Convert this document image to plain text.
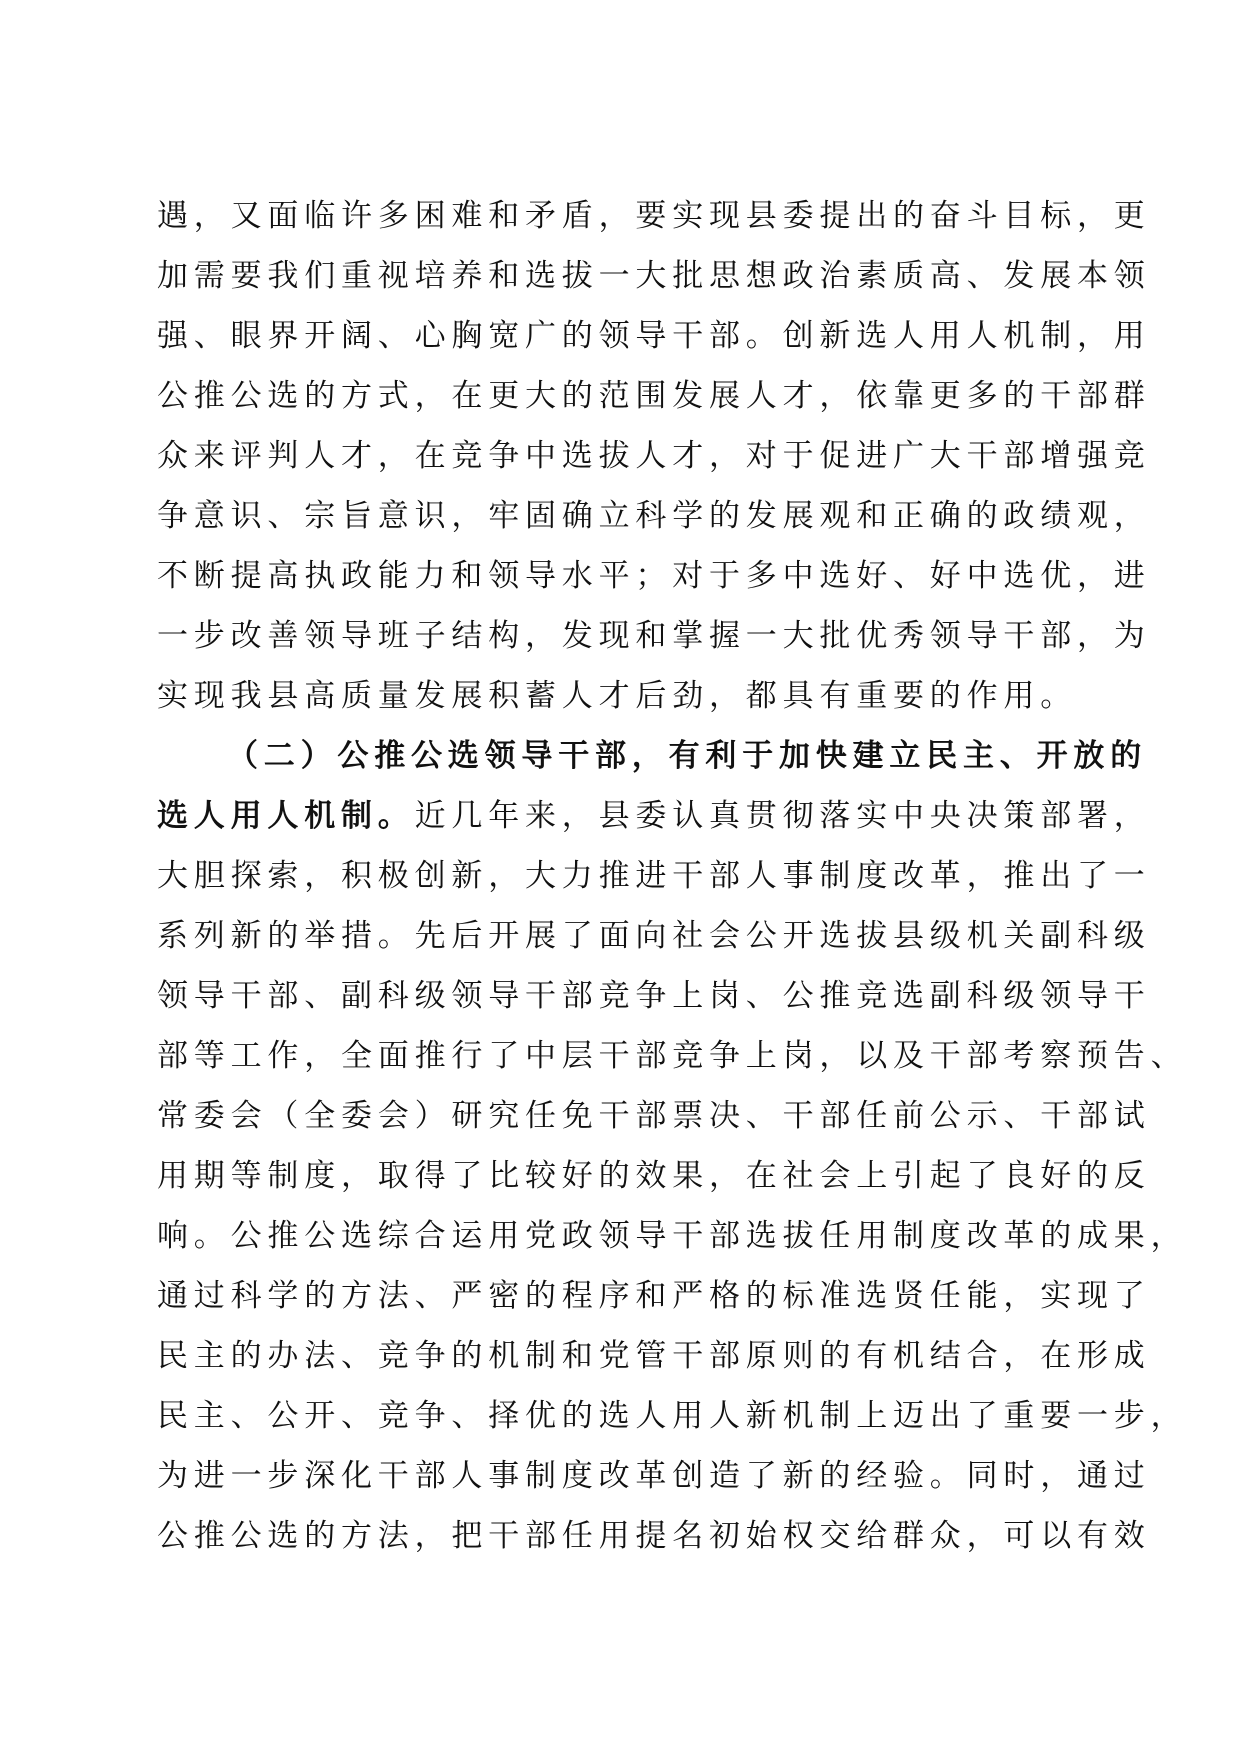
遇，又面临许多困难和矛盾，要实现县委提出的奋斗目标，更
加需要我们重视培养和选拔一大批思想政治素质高、发展本领
强、眼界开阔、心胸宽广的领导干部。创新选人用人机制，用
公推公选的方式，在更大的范围发展人才，依靠更多的干部群
众来评判人才，在竞争中选拔人才，对于促进广大干部增强竞
争意识、宗旨意识，牢固确立科学的发展观和正确的政绩观，
不断提高执政能力和领导水平；对于多中选好、好中选优，进
一步改善领导班子结构，发现和掌握一大批优秀领导干部，为
实现我县高质量发展积蓄人才后劲，都具有重要的作用。
（二）公推公选领导干部，有利于加快建立民主、开放的
选人用人机制。近几年来，县委认真贯彻落实中央决策部署，
大胆探索，积极创新，大力推进干部人事制度改革，推出了一
系列新的举措。先后开展了面向社会公开选拔县级机关副科级
领导干部、副科级领导干部竞争上岗、公推竞选副科级领导干
部等工作，全面推行了中层干部竞争上岗，以及干部考察预告、
常委会（全委会）研究任免干部票决、干部任前公示、干部试
用期等制度，取得了比较好的效果，在社会上引起了良好的反
响。公推公选综合运用党政领导干部选拔任用制度改革的成果，
通过科学的方法、严密的程序和严格的标准选贤任能，实现了
民主的办法、竞争的机制和党管干部原则的有机结合，在形成
民主、公开、竞争、择优的选人用人新机制上迈出了重要一步，
为进一步深化干部人事制度改革创造了新的经验。同时，通过
公推公选的方法，把干部任用提名初始权交给群众，可以有效
